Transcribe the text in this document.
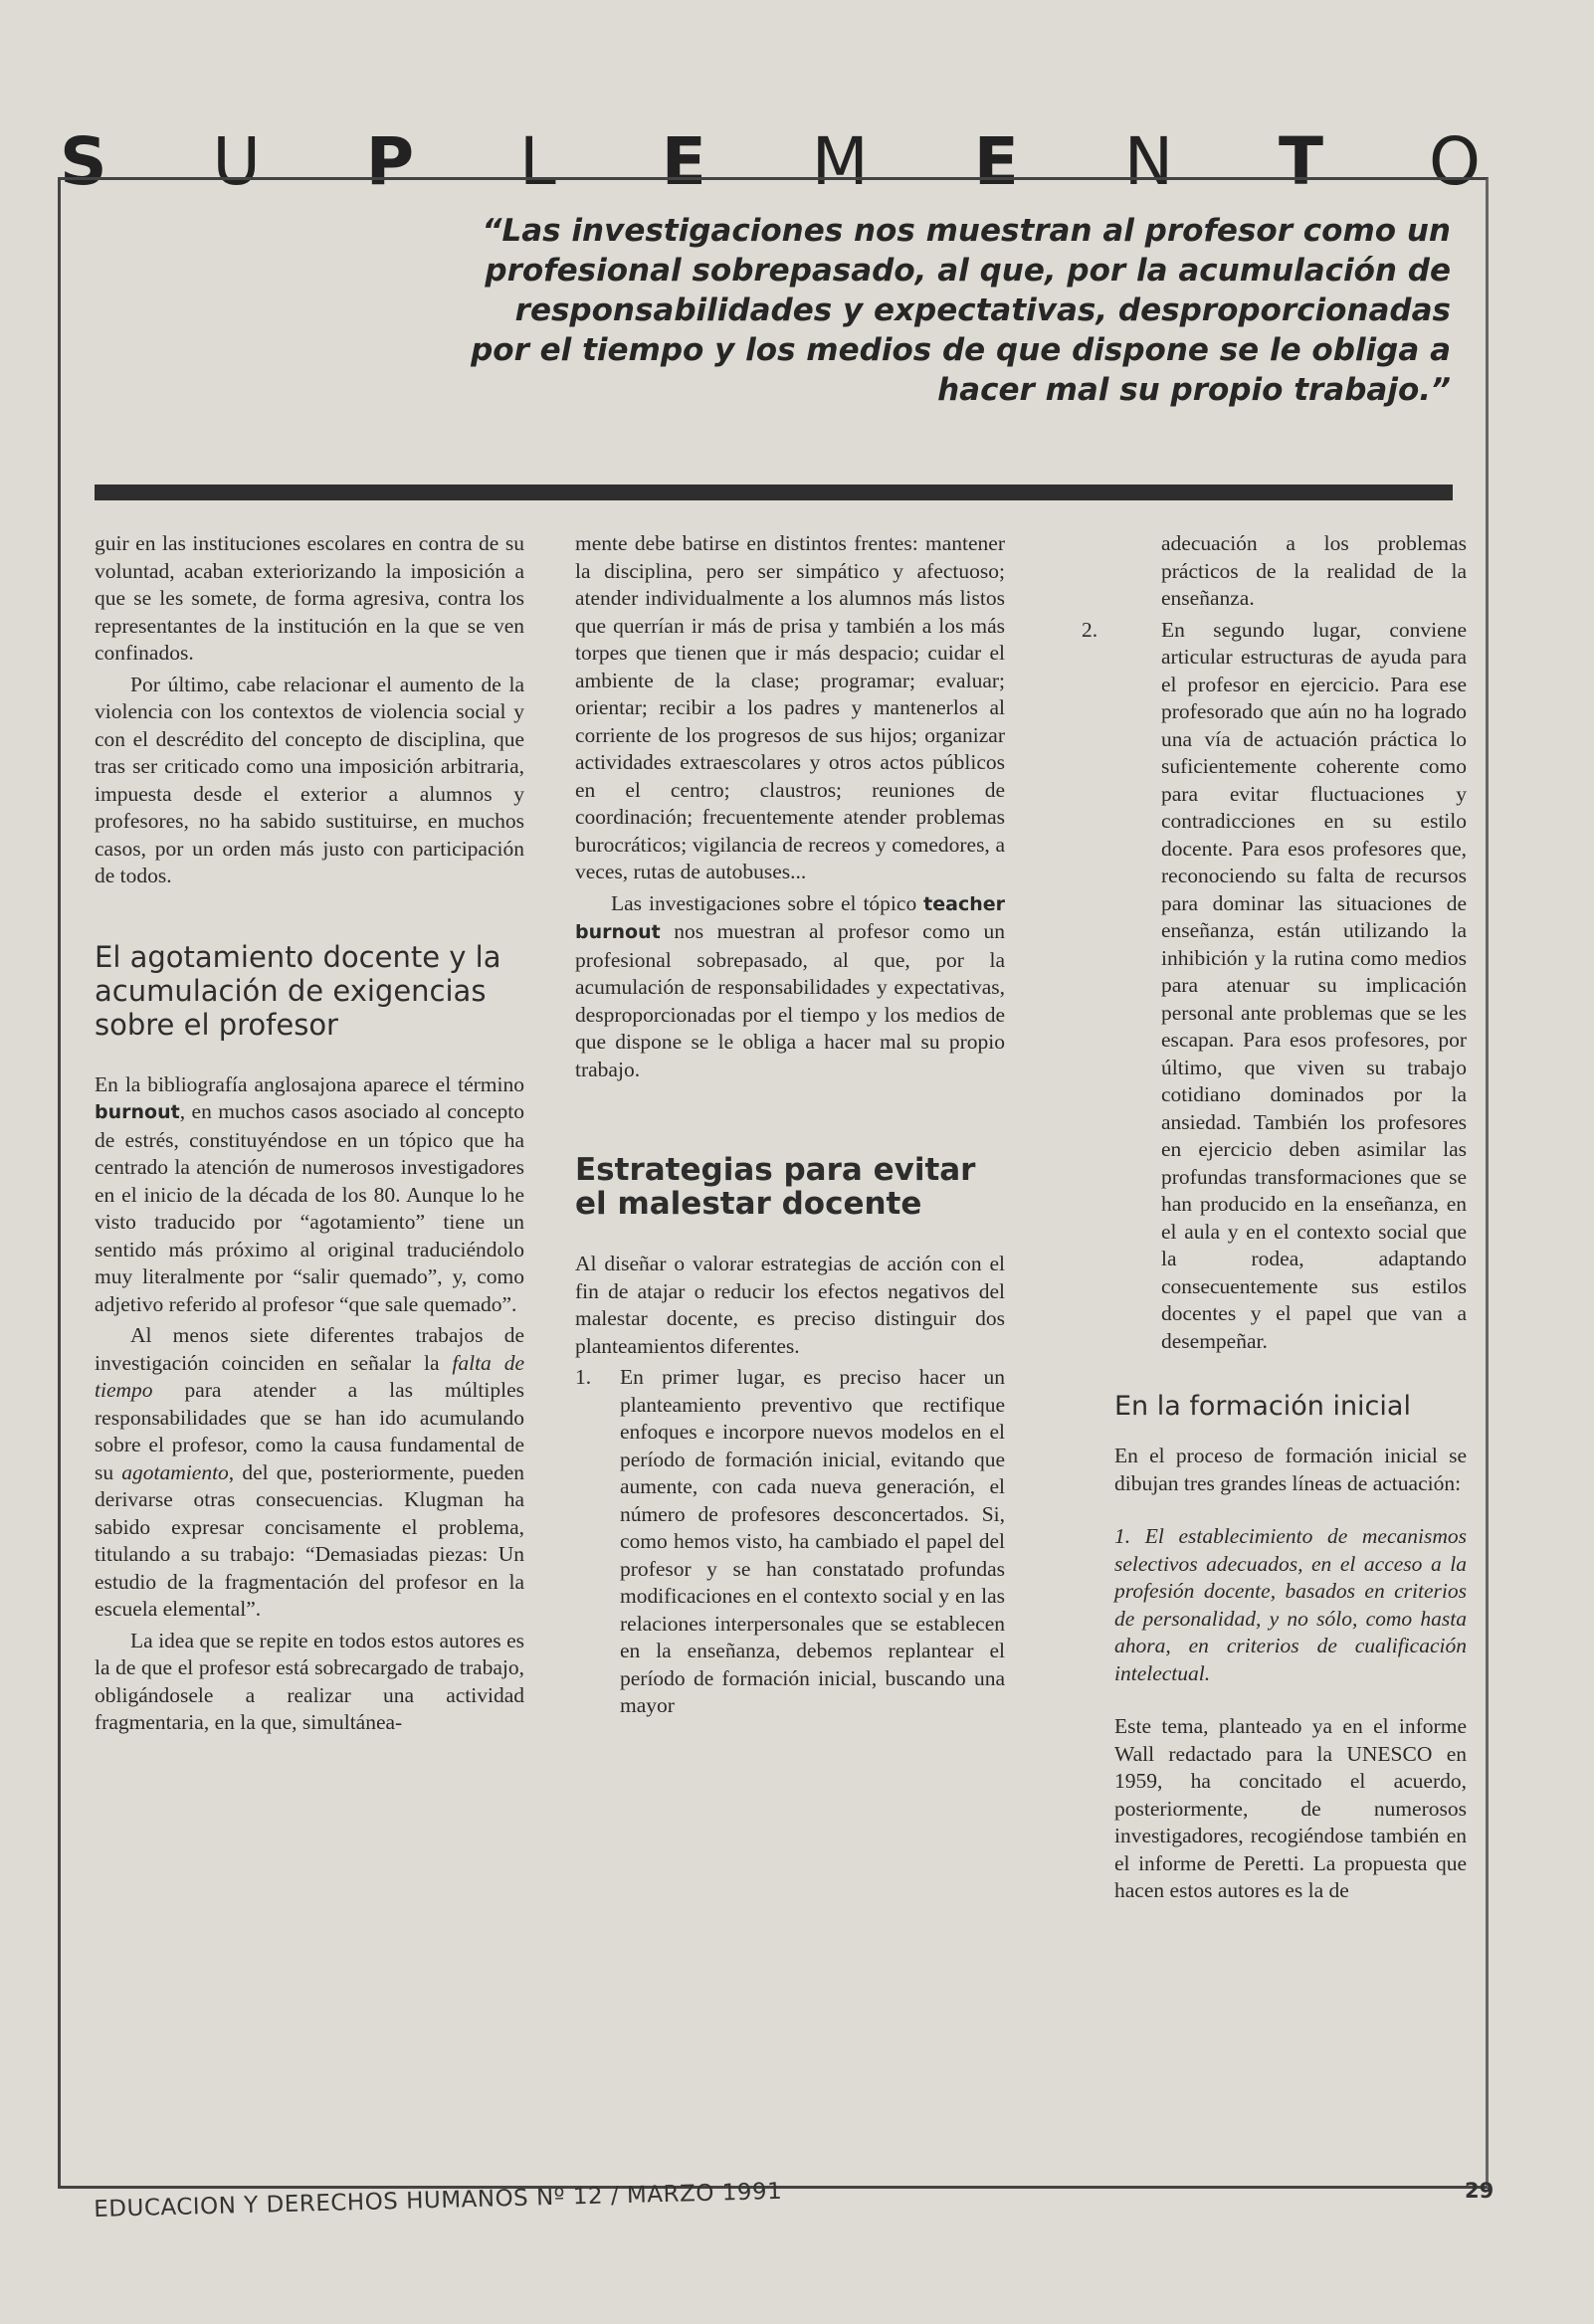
S U P L E M E N T O

“Las investigaciones nos muestran al profesor como un profesional sobrepasado, al que, por la acumulación de responsabilidades y expectativas, desproporcionadas por el tiempo y los medios de que dispone se le obliga a hacer mal su propio trabajo.”

guir en las instituciones escolares en contra de su voluntad, acaban exteriorizando la imposición a que se les somete, de forma agresiva, contra los representantes de la institución en la que se ven confinados.

Por último, cabe relacionar el aumento de la violencia con los contextos de violencia social y con el descrédito del concepto de disciplina, que tras ser criticado como una imposición arbitraria, impuesta desde el exterior a alumnos y profesores, no ha sabido sustituirse, en muchos casos, por un orden más justo con participación de todos.

El agotamiento docente y la acumulación de exigencias sobre el profesor

En la bibliografía anglosajona aparece el término burnout, en muchos casos asociado al concepto de estrés, constituyéndose en un tópico que ha centrado la atención de numerosos investigadores en el inicio de la década de los 80. Aunque lo he visto traducido por “agotamiento” tiene un sentido más próximo al original traduciéndolo muy literalmente por “salir quemado”, y, como adjetivo referido al profesor “que sale quemado”.

Al menos siete diferentes trabajos de investigación coinciden en señalar la falta de tiempo para atender a las múltiples responsabilidades que se han ido acumulando sobre el profesor, como la causa fundamental de su agotamiento, del que, posteriormente, pueden derivarse otras consecuencias. Klugman ha sabido expresar concisamente el problema, titulando a su trabajo: “Demasiadas piezas: Un estudio de la fragmentación del profesor en la escuela elemental”.

La idea que se repite en todos estos autores es la de que el profesor está sobrecargado de trabajo, obligándosele a realizar una actividad fragmentaria, en la que, simultánea-

mente debe batirse en distintos frentes: mantener la disciplina, pero ser simpático y afectuoso; atender individualmente a los alumnos más listos que querrían ir más de prisa y también a los más torpes que tienen que ir más despacio; cuidar el ambiente de la clase; programar; evaluar; orientar; recibir a los padres y mantenerlos al corriente de los progresos de sus hijos; organizar actividades extraescolares y otros actos públicos en el centro; claustros; reuniones de coordinación; frecuentemente atender problemas burocráticos; vigilancia de recreos y comedores, a veces, rutas de autobuses...

Las investigaciones sobre el tópico teacher burnout nos muestran al profesor como un profesional sobrepasado, al que, por la acumulación de responsabilidades y expectativas, desproporcionadas por el tiempo y los medios de que dispone se le obliga a hacer mal su propio trabajo.

Estrategias para evitar el malestar docente

Al diseñar o valorar estrategias de acción con el fin de atajar o reducir los efectos negativos del malestar docente, es preciso distinguir dos planteamientos diferentes.

1. En primer lugar, es preciso hacer un planteamiento preventivo que rectifique enfoques e incorpore nuevos modelos en el período de formación inicial, evitando que aumente, con cada nueva generación, el número de profesores desconcertados. Si, como hemos visto, ha cambiado el papel del profesor y se han constatado profundas modificaciones en el contexto social y en las relaciones interpersonales que se establecen en la enseñanza, debemos replantear el período de formación inicial, buscando una mayor
adecuación a los problemas prácticos de la realidad de la enseñanza.
2.	En segundo lugar, conviene articular estructuras de ayuda para el profesor en ejercicio. Para ese profesorado que aún no ha logrado una vía de actuación práctica lo suficientemente coherente como para evitar fluctuaciones y contradicciones en su estilo docente. Para esos profesores que, reconociendo su falta de recursos para dominar las situaciones de enseñanza, están utilizando la inhibición y la rutina como medios para atenuar su implicación personal ante problemas que se les escapan. Para esos profesores, por último, que viven su trabajo cotidiano dominados por la ansiedad. También los profesores en ejercicio deben asimilar las profundas transformaciones que se han producido en la enseñanza, en el aula y en el contexto social que la rodea, adaptando consecuentemente sus estilos docentes y el papel que van a desempeñar.
En la formación inicial

En el proceso de formación inicial se dibujan tres grandes líneas de actuación:

1. El establecimiento de mecanismos selectivos adecuados, en el acceso a la profesión docente, basados en criterios de personalidad, y no sólo, como hasta ahora, en criterios de cualificación intelectual.

Este tema, planteado ya en el informe Wall redactado para la UNESCO en 1959, ha concitado el acuerdo, posteriormente, de numerosos investigadores, recogiéndose también en el informe de Peretti. La propuesta que hacen estos autores es la de

EDUCACION Y DERECHOS HUMANOS Nº 12 / MARZO 1991	29
